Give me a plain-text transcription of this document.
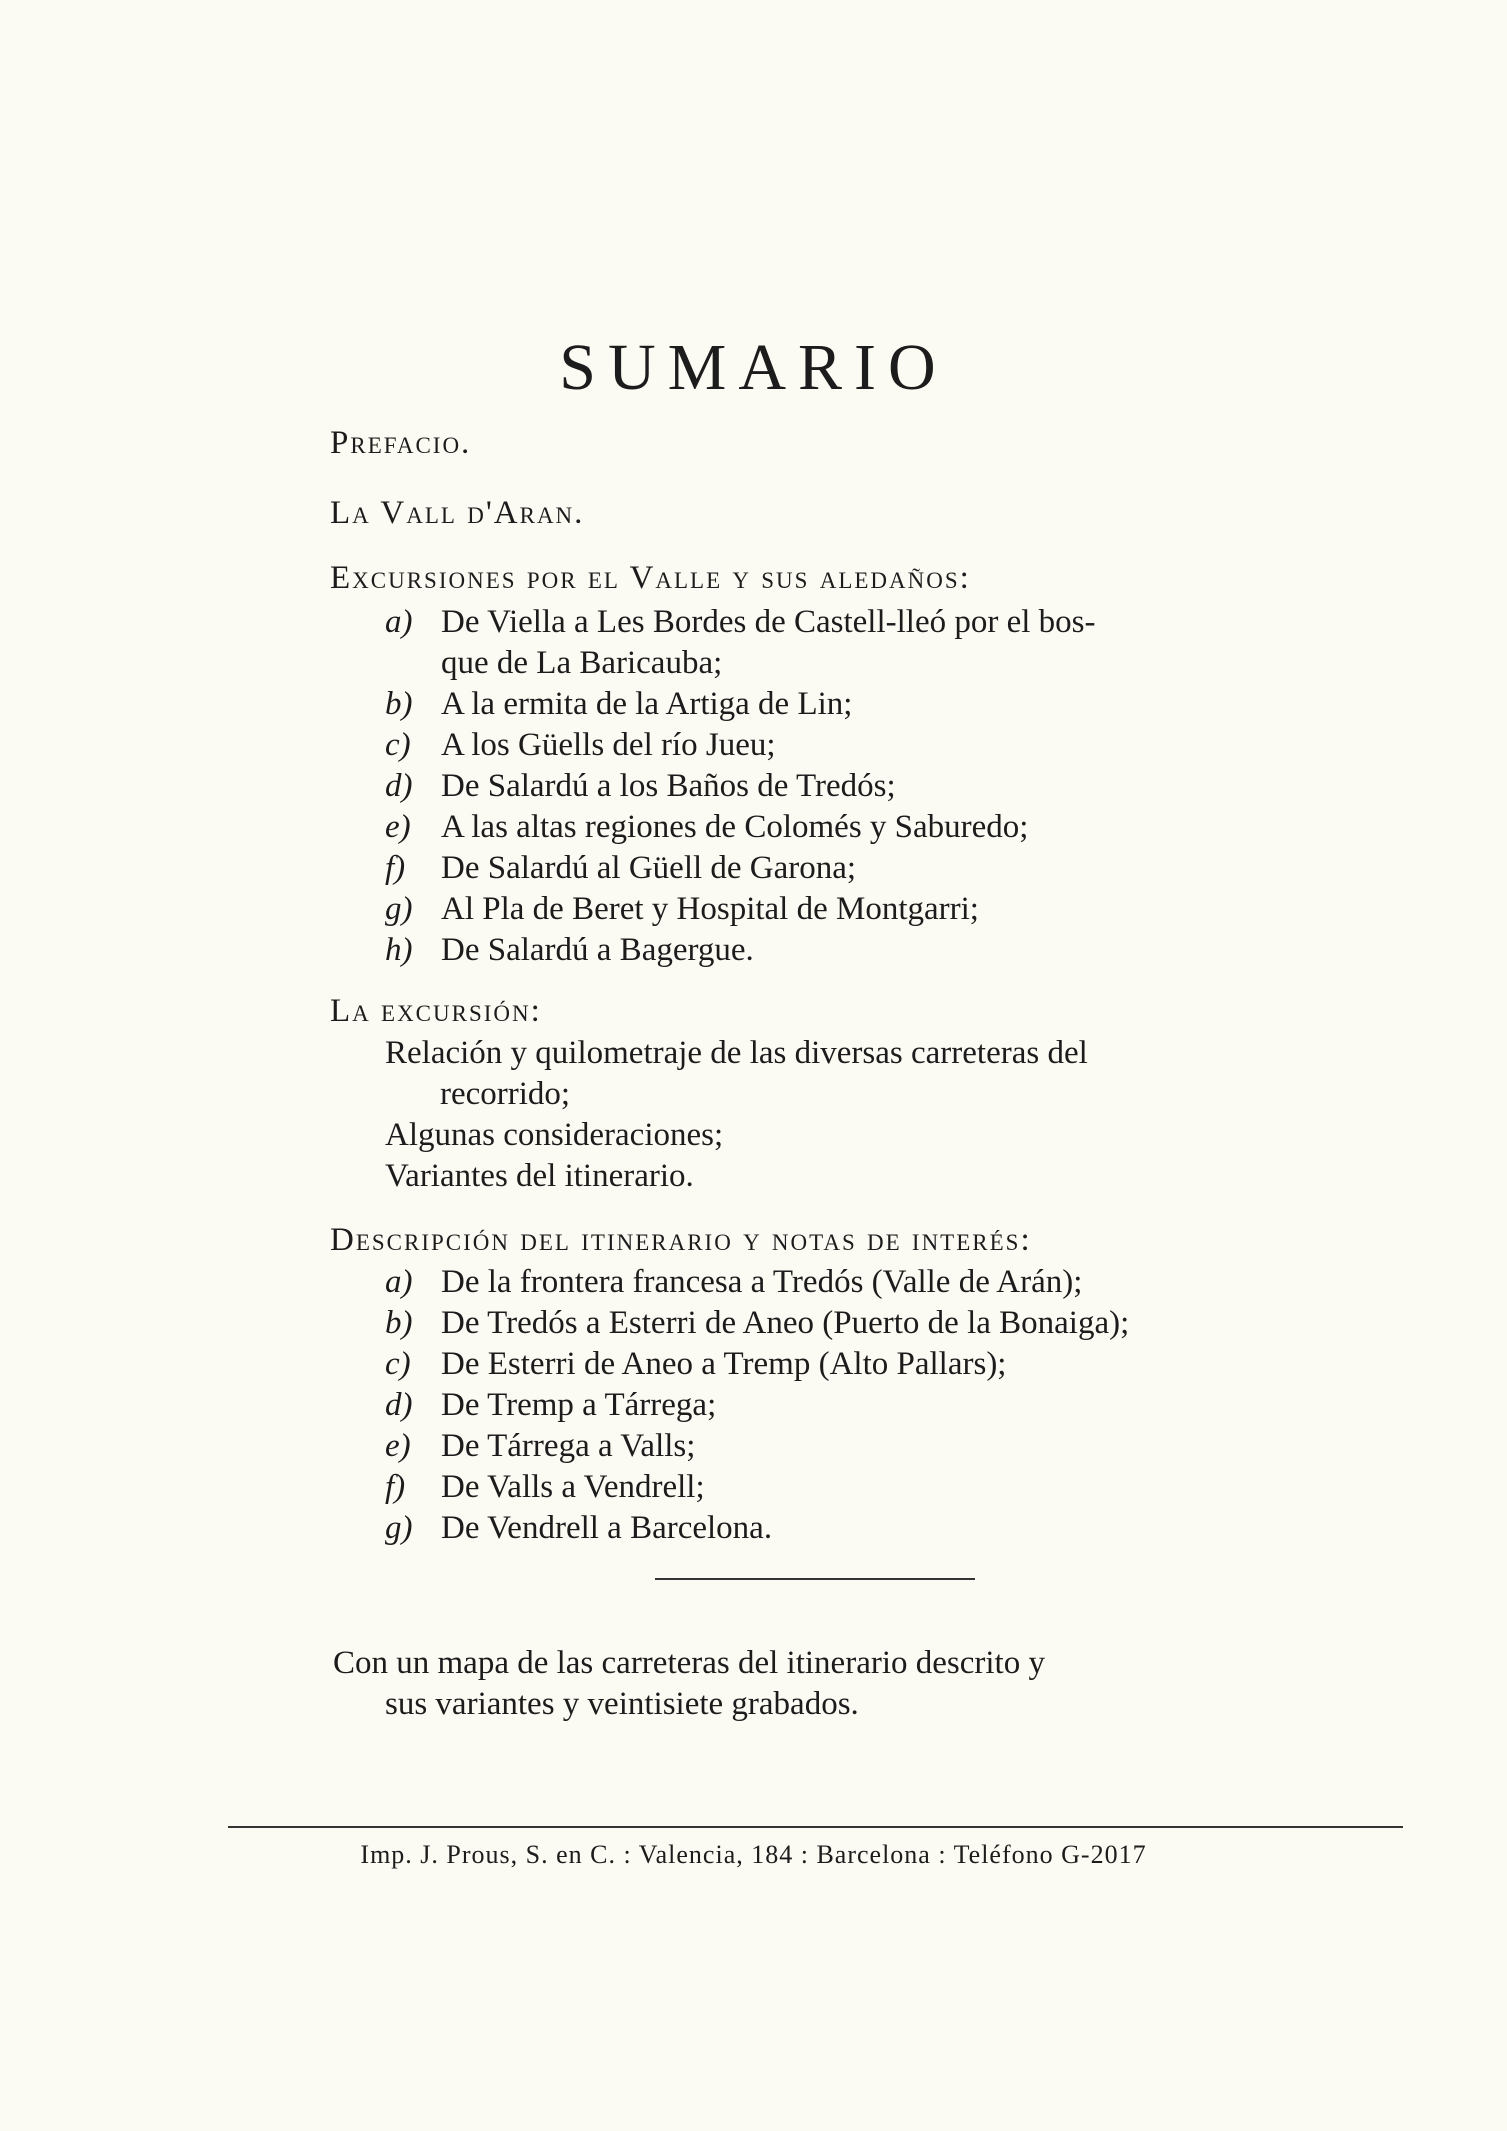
SUMARIO
Prefacio.
La Vall d'Aran.
Excursiones por el Valle y sus aledaños:
a) De Viella a Les Bordes de Castell-lleó por el bos-
que de La Baricauba;
b) A la ermita de la Artiga de Lin;
c) A los Güells del río Jueu;
d) De Salardú a los Baños de Tredós;
e) A las altas regiones de Colomés y Saburedo;
f) De Salardú al Güell de Garona;
g) Al Pla de Beret y Hospital de Montgarri;
h) De Salardú a Bagergue.
La excursión:
Relación y quilometraje de las diversas carreteras del
recorrido;
Algunas consideraciones;
Variantes del itinerario.
Descripción del itinerario y notas de interés:
a) De la frontera francesa a Tredós (Valle de Arán);
b) De Tredós a Esterri de Aneo (Puerto de la Bonaiga);
c) De Esterri de Aneo a Tremp (Alto Pallars);
d) De Tremp a Tárrega;
e) De Tárrega a Valls;
f) De Valls a Vendrell;
g) De Vendrell a Barcelona.
Con un mapa de las carreteras del itinerario descrito y
sus variantes y veintisiete grabados.
Imp. J. Prous, S. en C. : Valencia, 184 : Barcelona : Teléfono G-2017
